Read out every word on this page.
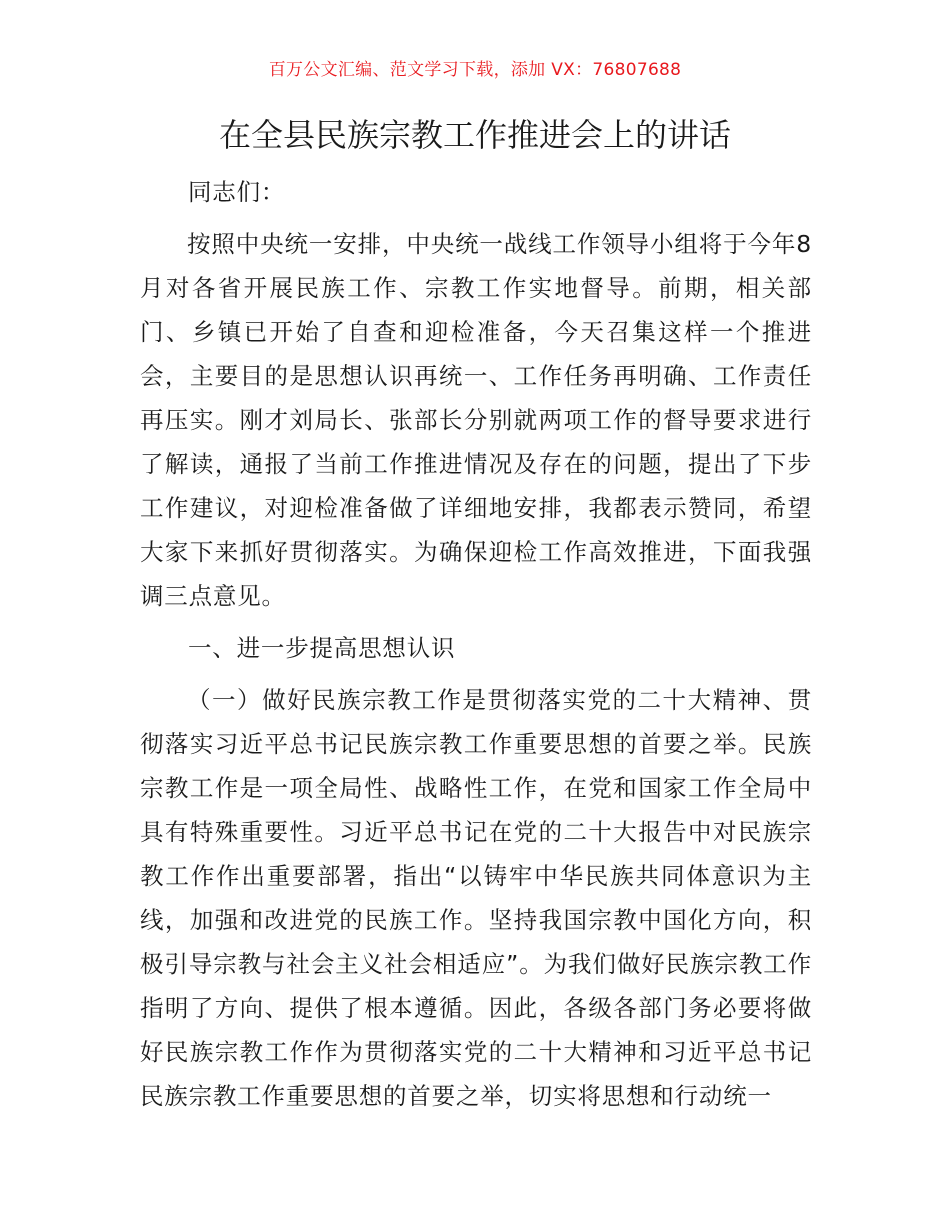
百万公文汇编、范文学习下载，添加 VX：76807688
在全县民族宗教工作推进会上的讲话

同志们：

按照中央统一安排，中央统一战线工作领导小组将于今年8月对各省开展民族工作、宗教工作实地督导。前期，相关部门、乡镇已开始了自查和迎检准备，今天召集这样一个推进会，主要目的是思想认识再统一、工作任务再明确、工作责任再压实。刚才刘局长、张部长分别就两项工作的督导要求进行了解读，通报了当前工作推进情况及存在的问题，提出了下步工作建议，对迎检准备做了详细地安排，我都表示赞同，希望大家下来抓好贯彻落实。为确保迎检工作高效推进，下面我强调三点意见。

一、进一步提高思想认识

（一）做好民族宗教工作是贯彻落实党的二十大精神、贯彻落实习近平总书记民族宗教工作重要思想的首要之举。民族宗教工作是一项全局性、战略性工作，在党和国家工作全局中具有特殊重要性。习近平总书记在党的二十大报告中对民族宗教工作作出重要部署，指出“以铸牢中华民族共同体意识为主线，加强和改进党的民族工作。坚持我国宗教中国化方向，积极引导宗教与社会主义社会相适应”。为我们做好民族宗教工作指明了方向、提供了根本遵循。因此，各级各部门务必要将做好民族宗教工作作为贯彻落实党的二十大精神和习近平总书记民族宗教工作重要思想的首要之举，切实将思想和行动统一
